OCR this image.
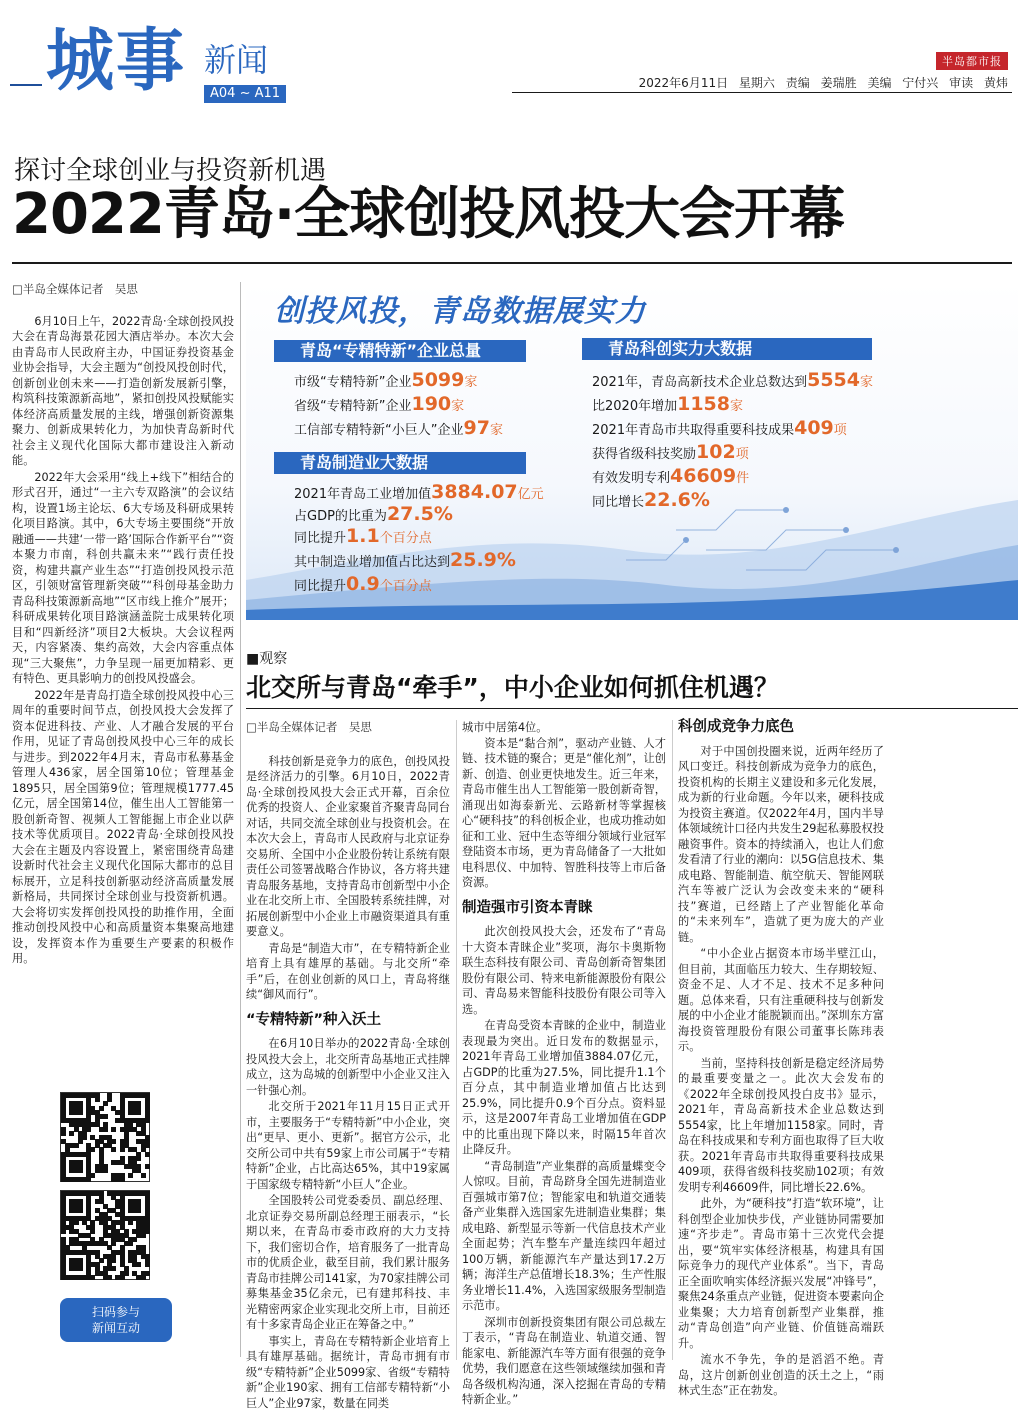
城事 新闻
A04 ~ A11
半岛都市报
2022年6月11日 星期六 责编 姜瑞胜 美编 宁付兴 审读 黄炜
探讨全球创业与投资新机遇
2022青岛·全球创投风投大会开幕
□半岛全媒体记者　吴思

6月10日上午，2022青岛·全球创投风投大会在青岛海景花园大酒店举办。本次大会由青岛市人民政府主办，中国证券投资基金业协会指导，大会主题为“创投风投创时代，创新创业创未来——打造创新发展新引擎，构筑科技策源新高地”，紧扣创投风投赋能实体经济高质量发展的主线，增强创新资源集聚力、创新成果转化力，为加快青岛新时代社会主义现代化国际大都市建设注入新动能。

2022年大会采用“线上+线下”相结合的形式召开，通过“一主六专双路演”的会议结构，设置1场主论坛、6大专场及科研成果转化项目路演。其中，6大专场主要围绕“开放融通——共建‘一带一路’国际合作新平台”“资本聚力市南，科创共赢未来”“践行责任投资，构建共赢产业生态”“打造创投风投示范区，引领财富管理新突破”“科创母基金助力青岛科技策源新高地”“区市线上推介”展开；科研成果转化项目路演涵盖院士成果转化项目和“四新经济”项目2大板块。大会议程两天，内容紧凑、集约高效，大会内容重点体现“三大聚焦”，力争呈现一届更加精彩、更有特色、更具影响力的创投风投盛会。

2022年是青岛打造全球创投风投中心三周年的重要时间节点，创投风投大会发挥了资本促进科技、产业、人才融合发展的平台作用，见证了青岛创投风投中心三年的成长与进步。到2022年4月末，青岛市私募基金管理人436家，居全国第10位；管理基金1895只，居全国第9位；管理规模1777.45亿元，居全国第14位，催生出人工智能第一股创新奇智、视频人工智能掘上市企业以萨技术等优质项目。2022青岛·全球创投风投大会在主题及内容设置上，紧密围绕青岛建设新时代社会主义现代化国际大都市的总目标展开，立足科技创新驱动经济高质量发展新格局，共同探讨全球创业与投资新机遇。大会将切实发挥创投风投的助推作用，全面推动创投风投中心和高质量资本集聚高地建设，发挥资本作为重要生产要素的积极作用。

扫码参与
新闻互动
创投风投，青岛数据展实力
青岛“专精特新”企业总量
市级“专精特新”企业5099家
省级“专精特新”企业190家
工信部专精特新“小巨人”企业97家
青岛制造业大数据
2021年青岛工业增加值3884.07亿元
占GDP的比重为27.5%
同比提升1.1个百分点
其中制造业增加值占比达到25.9%
同比提升0.9个百分点
青岛科创实力大数据
2021年，青岛高新技术企业总数达到5554家
比2020年增加1158家
2021年青岛市共取得重要科技成果409项
获得省级科技奖励102项
有效发明专利46609件
同比增长22.6%
■观察
北交所与青岛“牵手”，中小企业如何抓住机遇？
□半岛全媒体记者　吴思

科技创新是竞争力的底色，创投风投是经济活力的引擎。6月10日，2022青岛·全球创投风投大会正式开幕，百余位优秀的投资人、企业家聚首齐聚青岛同台对话，共同交流全球创业与投资机会。在本次大会上，青岛市人民政府与北京证券交易所、全国中小企业股份转让系统有限责任公司签署战略合作协议，各方将共建青岛服务基地，支持青岛市创新型中小企业在北交所上市、全国股转系统挂牌，对拓展创新型中小企业上市融资渠道具有重要意义。

青岛是“制造大市”，在专精特新企业培育上具有雄厚的基础。与北交所“牵手”后，在创业创新的风口上，青岛将继续“御风而行”。

“专精特新”种入沃土

在6月10日举办的2022青岛·全球创投风投大会上，北交所青岛基地正式挂牌成立，这为岛城的创新型中小企业又注入一针强心剂。

北交所于2021年11月15日正式开市，主要服务于“专精特新”中小企业，突出“更早、更小、更新”。据官方公示，北交所公司中共有59家上市公司属于“专精特新”企业，占比高达65%，其中19家属于国家级专精特新“小巨人”企业。

全国股转公司党委委员、副总经理、北京证券交易所副总经理王丽表示，“长期以来，在青岛市委市政府的大力支持下，我们密切合作，培育服务了一批青岛市的优质企业，截至目前，我们累计服务青岛市挂牌公司141家，为70家挂牌公司募集基金35亿余元，已有建邦科技、丰光精密两家企业实现北交所上市，目前还有十多家青岛企业正在筹备之中。”

事实上，青岛在专精特新企业培育上具有雄厚基础。据统计，青岛市拥有市级“专精特新”企业5099家、省级“专精特新”企业190家、拥有工信部专精特新“小巨人”企业97家，数量在同类

城市中居第4位。

资本是“黏合剂”，驱动产业链、人才链、技术链的聚合；更是“催化剂”，让创新、创造、创业更快地发生。近三年来，青岛市催生出人工智能第一股创新奇智，涌现出如海泰新光、云路新材等掌握核心“硬科技”的科创板企业，也成功推动如征和工业、冠中生态等细分领域行业冠军登陆资本市场，更为青岛储备了一大批如电科思仪、中加特、智胜科技等上市后备资源。

制造强市引资本青睐

此次创投风投大会，还发布了“青岛十大资本青睐企业”奖项，海尔卡奥斯物联生态科技有限公司、青岛创新奇智集团股份有限公司、特来电新能源股份有限公司、青岛易来智能科技股份有限公司等入选。

在青岛受资本青睐的企业中，制造业表现最为突出。近日发布的数据显示，2021年青岛工业增加值3884.07亿元，占GDP的比重为27.5%，同比提升1.1个百分点，其中制造业增加值占比达到25.9%，同比提升0.9个百分点。资料显示，这是2007年青岛工业增加值在GDP中的比重出现下降以来，时隔15年首次止降反升。

“青岛制造”产业集群的高质量蝶变令人惊叹。目前，青岛跻身全国先进制造业百强城市第7位；智能家电和轨道交通装备产业集群入选国家先进制造业集群；集成电路、新型显示等新一代信息技术产业全面起势；汽车整车产量连续四年超过100万辆，新能源汽车产量达到17.2万辆；海洋生产总值增长18.3%；生产性服务业增长11.4%，入选国家级服务型制造示范市。

深圳市创新投资集团有限公司总裁左丁表示，“青岛在制造业、轨道交通、智能家电、新能源汽车等方面有很强的竞争优势，我们愿意在这些领域继续加强和青岛各级机构沟通，深入挖掘在青岛的专精特新企业。”

科创成竞争力底色

对于中国创投圈来说，近两年经历了风口变迁。科技创新成为竞争力的底色，投资机构的长期主义建设和多元化发展，成为新的行业命题。今年以来，硬科技成为投资主赛道。仅2022年4月，国内半导体领域统计口径内共发生29起私募股权投融资事件。资本的持续涌入，也让人们愈发看清了行业的潮向：以5G信息技术、集成电路、智能制造、航空航天、智能网联汽车等被广泛认为会改变未来的“硬科技”赛道，已经踏上了产业智能化革命的“未来列车”，造就了更为庞大的产业链。

“中小企业占据资本市场半壁江山，但目前，其面临压力较大、生存期较短、资金不足、人才不足、技术不足多种问题。总体来看，只有注重硬科技与创新发展的中小企业才能脱颖而出。”深圳东方富海投资管理股份有限公司董事长陈玮表示。

当前，坚持科技创新是稳定经济局势的最重要变量之一。此次大会发布的《2022年全球创投风投白皮书》显示，2021年，青岛高新技术企业总数达到5554家，比上年增加1158家。同时，青岛在科技成果和专利方面也取得了巨大收获。2021年青岛市共取得重要科技成果409项，获得省级科技奖励102项；有效发明专利46609件，同比增长22.6%。

此外，为“硬科技”打造“软环境”，让科创型企业加快步伐，产业链协同需要加速“齐步走”。青岛市第十三次党代会提出，要“筑牢实体经济根基，构建具有国际竞争力的现代产业体系”。当下，青岛正全面吹响实体经济振兴发展“冲锋号”，聚焦24条重点产业链，促进资本要素向企业集聚；大力培育创新型产业集群，推动“青岛创造”向产业链、价值链高端跃升。

流水不争先，争的是滔滔不绝。青岛，这片创新创业创造的沃土之上，“雨林式生态”正在勃发。
